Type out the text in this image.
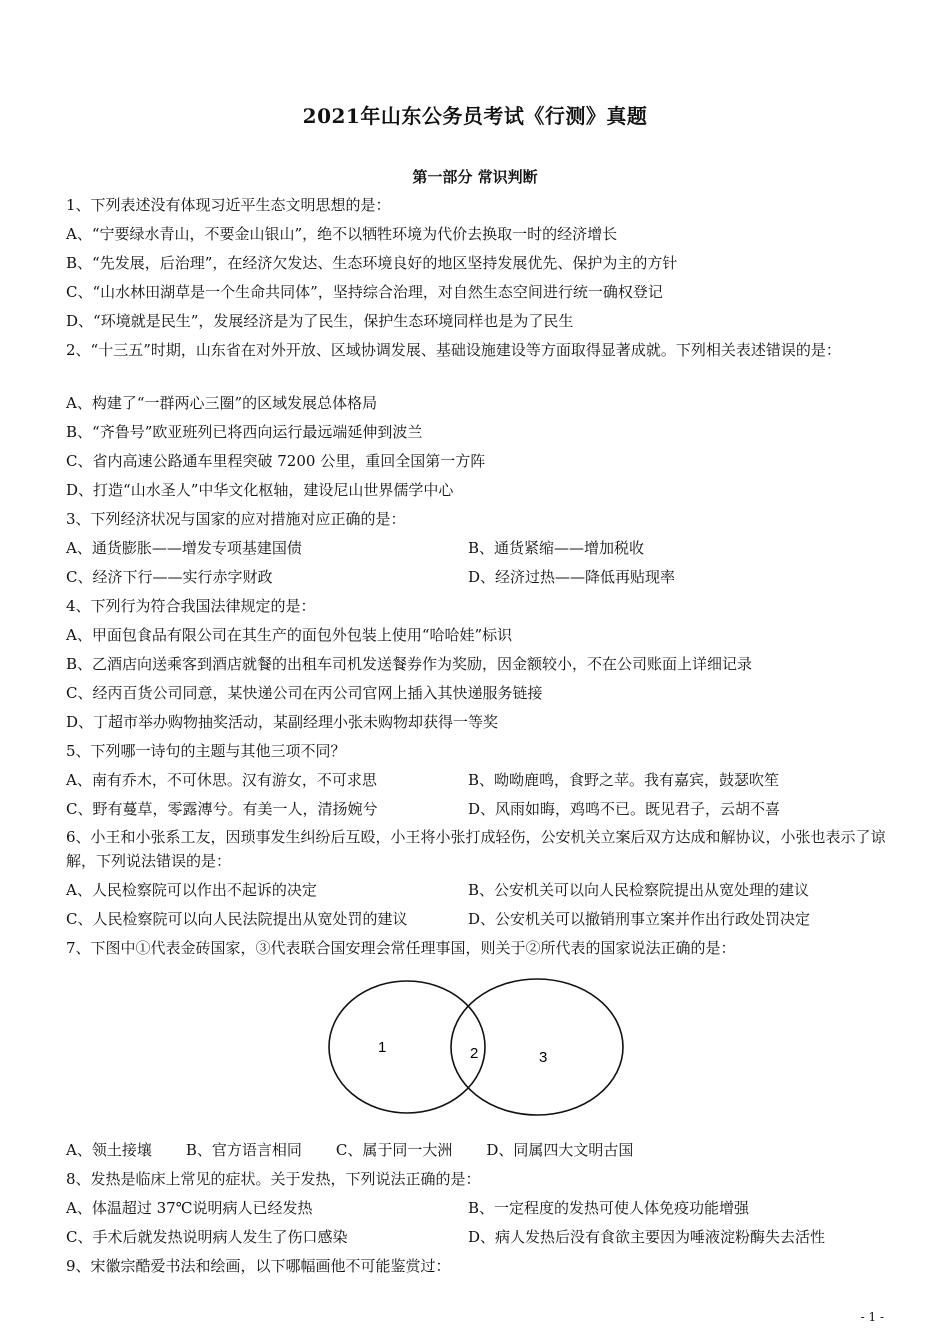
2021年山东公务员考试《行测》真题
第一部分 常识判断
1、下列表述没有体现习近平生态文明思想的是：
A、“宁要绿水青山，不要金山银山”，绝不以牺牲环境为代价去换取一时的经济增长
B、“先发展，后治理”，在经济欠发达、生态环境良好的地区坚持发展优先、保护为主的方针
C、“山水林田湖草是一个生命共同体”，坚持综合治理，对自然生态空间进行统一确权登记
D、“环境就是民生”，发展经济是为了民生，保护生态环境同样也是为了民生
2、“十三五”时期，山东省在对外开放、区域协调发展、基础设施建设等方面取得显著成就。下列相关表述错误的是：
A、构建了“一群两心三圈”的区域发展总体格局
B、“齐鲁号”欧亚班列已将西向运行最远端延伸到波兰
C、省内高速公路通车里程突破 7200 公里，重回全国第一方阵
D、打造“山水圣人”中华文化枢轴，建设尼山世界儒学中心
3、下列经济状况与国家的应对措施对应正确的是：
A、通货膨胀——增发专项基建国债	B、通货紧缩——增加税收
C、经济下行——实行赤字财政	D、经济过热——降低再贴现率
4、下列行为符合我国法律规定的是：
A、甲面包食品有限公司在其生产的面包外包装上使用“哈哈娃”标识
B、乙酒店向送乘客到酒店就餐的出租车司机发送餐券作为奖励，因金额较小，不在公司账面上详细记录
C、经丙百货公司同意，某快递公司在丙公司官网上插入其快递服务链接
D、丁超市举办购物抽奖活动，某副经理小张未购物却获得一等奖
5、下列哪一诗句的主题与其他三项不同？
A、南有乔木，不可休思。汉有游女，不可求思	B、呦呦鹿鸣，食野之苹。我有嘉宾，鼓瑟吹笙
C、野有蔓草，零露漙兮。有美一人，清扬婉兮	D、风雨如晦，鸡鸣不已。既见君子，云胡不喜
6、小王和小张系工友，因琐事发生纠纷后互殴，小王将小张打成轻伤，公安机关立案后双方达成和解协议，小张也表示了谅解，下列说法错误的是：
A、人民检察院可以作出不起诉的决定	B、公安机关可以向人民检察院提出从宽处理的建议
C、人民检察院可以向人民法院提出从宽处罚的建议	D、公安机关可以撤销刑事立案并作出行政处罚决定
7、下图中①代表金砖国家，③代表联合国安理会常任理事国，则关于②所代表的国家说法正确的是：
1	2	3
A、领土接壤 B、官方语言相同 C、属于同一大洲 D、同属四大文明古国
8、发热是临床上常见的症状。关于发热，下列说法正确的是：
A、体温超过 37℃说明病人已经发热	B、一定程度的发热可使人体免疫功能增强
C、手术后就发热说明病人发生了伤口感染	D、病人发热后没有食欲主要因为唾液淀粉酶失去活性
9、宋徽宗酷爱书法和绘画，以下哪幅画他不可能鉴赏过：
- 1 -
